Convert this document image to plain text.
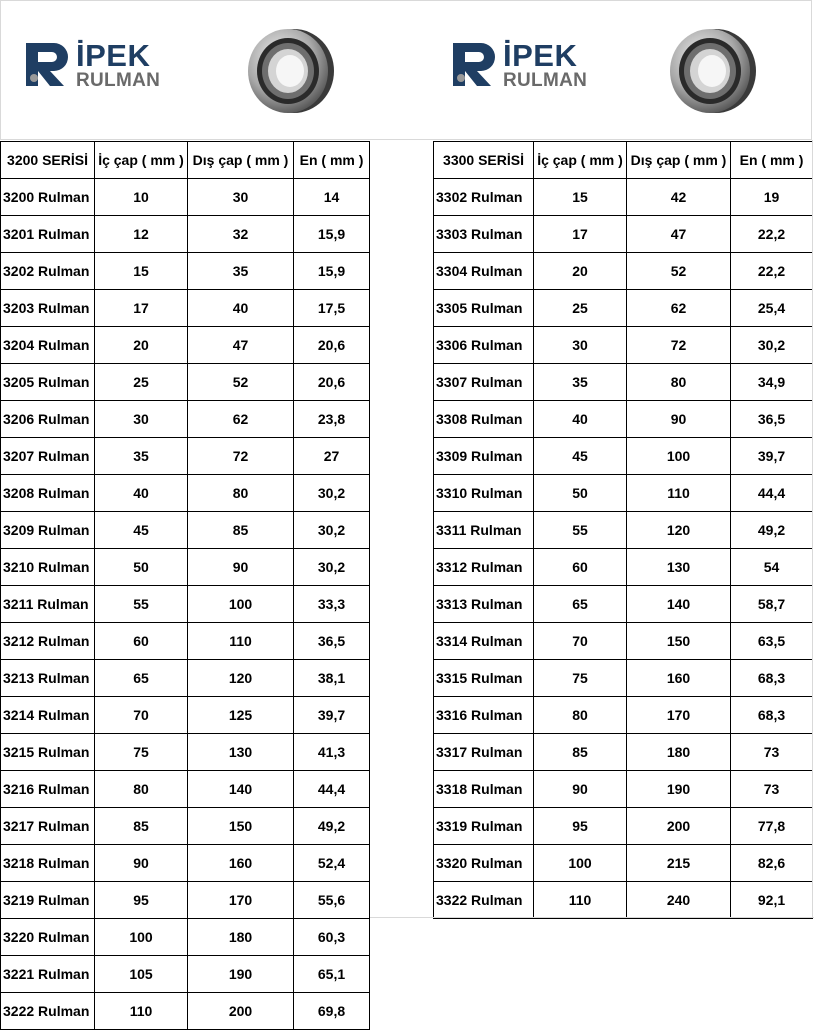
İPEK
RULMAN
İPEK
RULMAN
3200 SERİSİ	İç çap ( mm )	Dış çap ( mm )	En ( mm )
3200 Rulman	10	30	14
3201 Rulman	12	32	15,9
3202 Rulman	15	35	15,9
3203 Rulman	17	40	17,5
3204 Rulman	20	47	20,6
3205 Rulman	25	52	20,6
3206 Rulman	30	62	23,8
3207 Rulman	35	72	27
3208 Rulman	40	80	30,2
3209 Rulman	45	85	30,2
3210 Rulman	50	90	30,2
3211 Rulman	55	100	33,3
3212 Rulman	60	110	36,5
3213 Rulman	65	120	38,1
3214 Rulman	70	125	39,7
3215 Rulman	75	130	41,3
3216 Rulman	80	140	44,4
3217 Rulman	85	150	49,2
3218 Rulman	90	160	52,4
3219 Rulman	95	170	55,6
3220 Rulman	100	180	60,3
3221 Rulman	105	190	65,1
3222 Rulman	110	200	69,8
3300 SERİSİ	İç çap ( mm )	Dış çap ( mm )	En ( mm )
3302 Rulman	15	42	19
3303 Rulman	17	47	22,2
3304 Rulman	20	52	22,2
3305 Rulman	25	62	25,4
3306 Rulman	30	72	30,2
3307 Rulman	35	80	34,9
3308 Rulman	40	90	36,5
3309 Rulman	45	100	39,7
3310 Rulman	50	110	44,4
3311 Rulman	55	120	49,2
3312 Rulman	60	130	54
3313 Rulman	65	140	58,7
3314 Rulman	70	150	63,5
3315 Rulman	75	160	68,3
3316 Rulman	80	170	68,3
3317 Rulman	85	180	73
3318 Rulman	90	190	73
3319 Rulman	95	200	77,8
3320 Rulman	100	215	82,6
3322 Rulman	110	240	92,1
